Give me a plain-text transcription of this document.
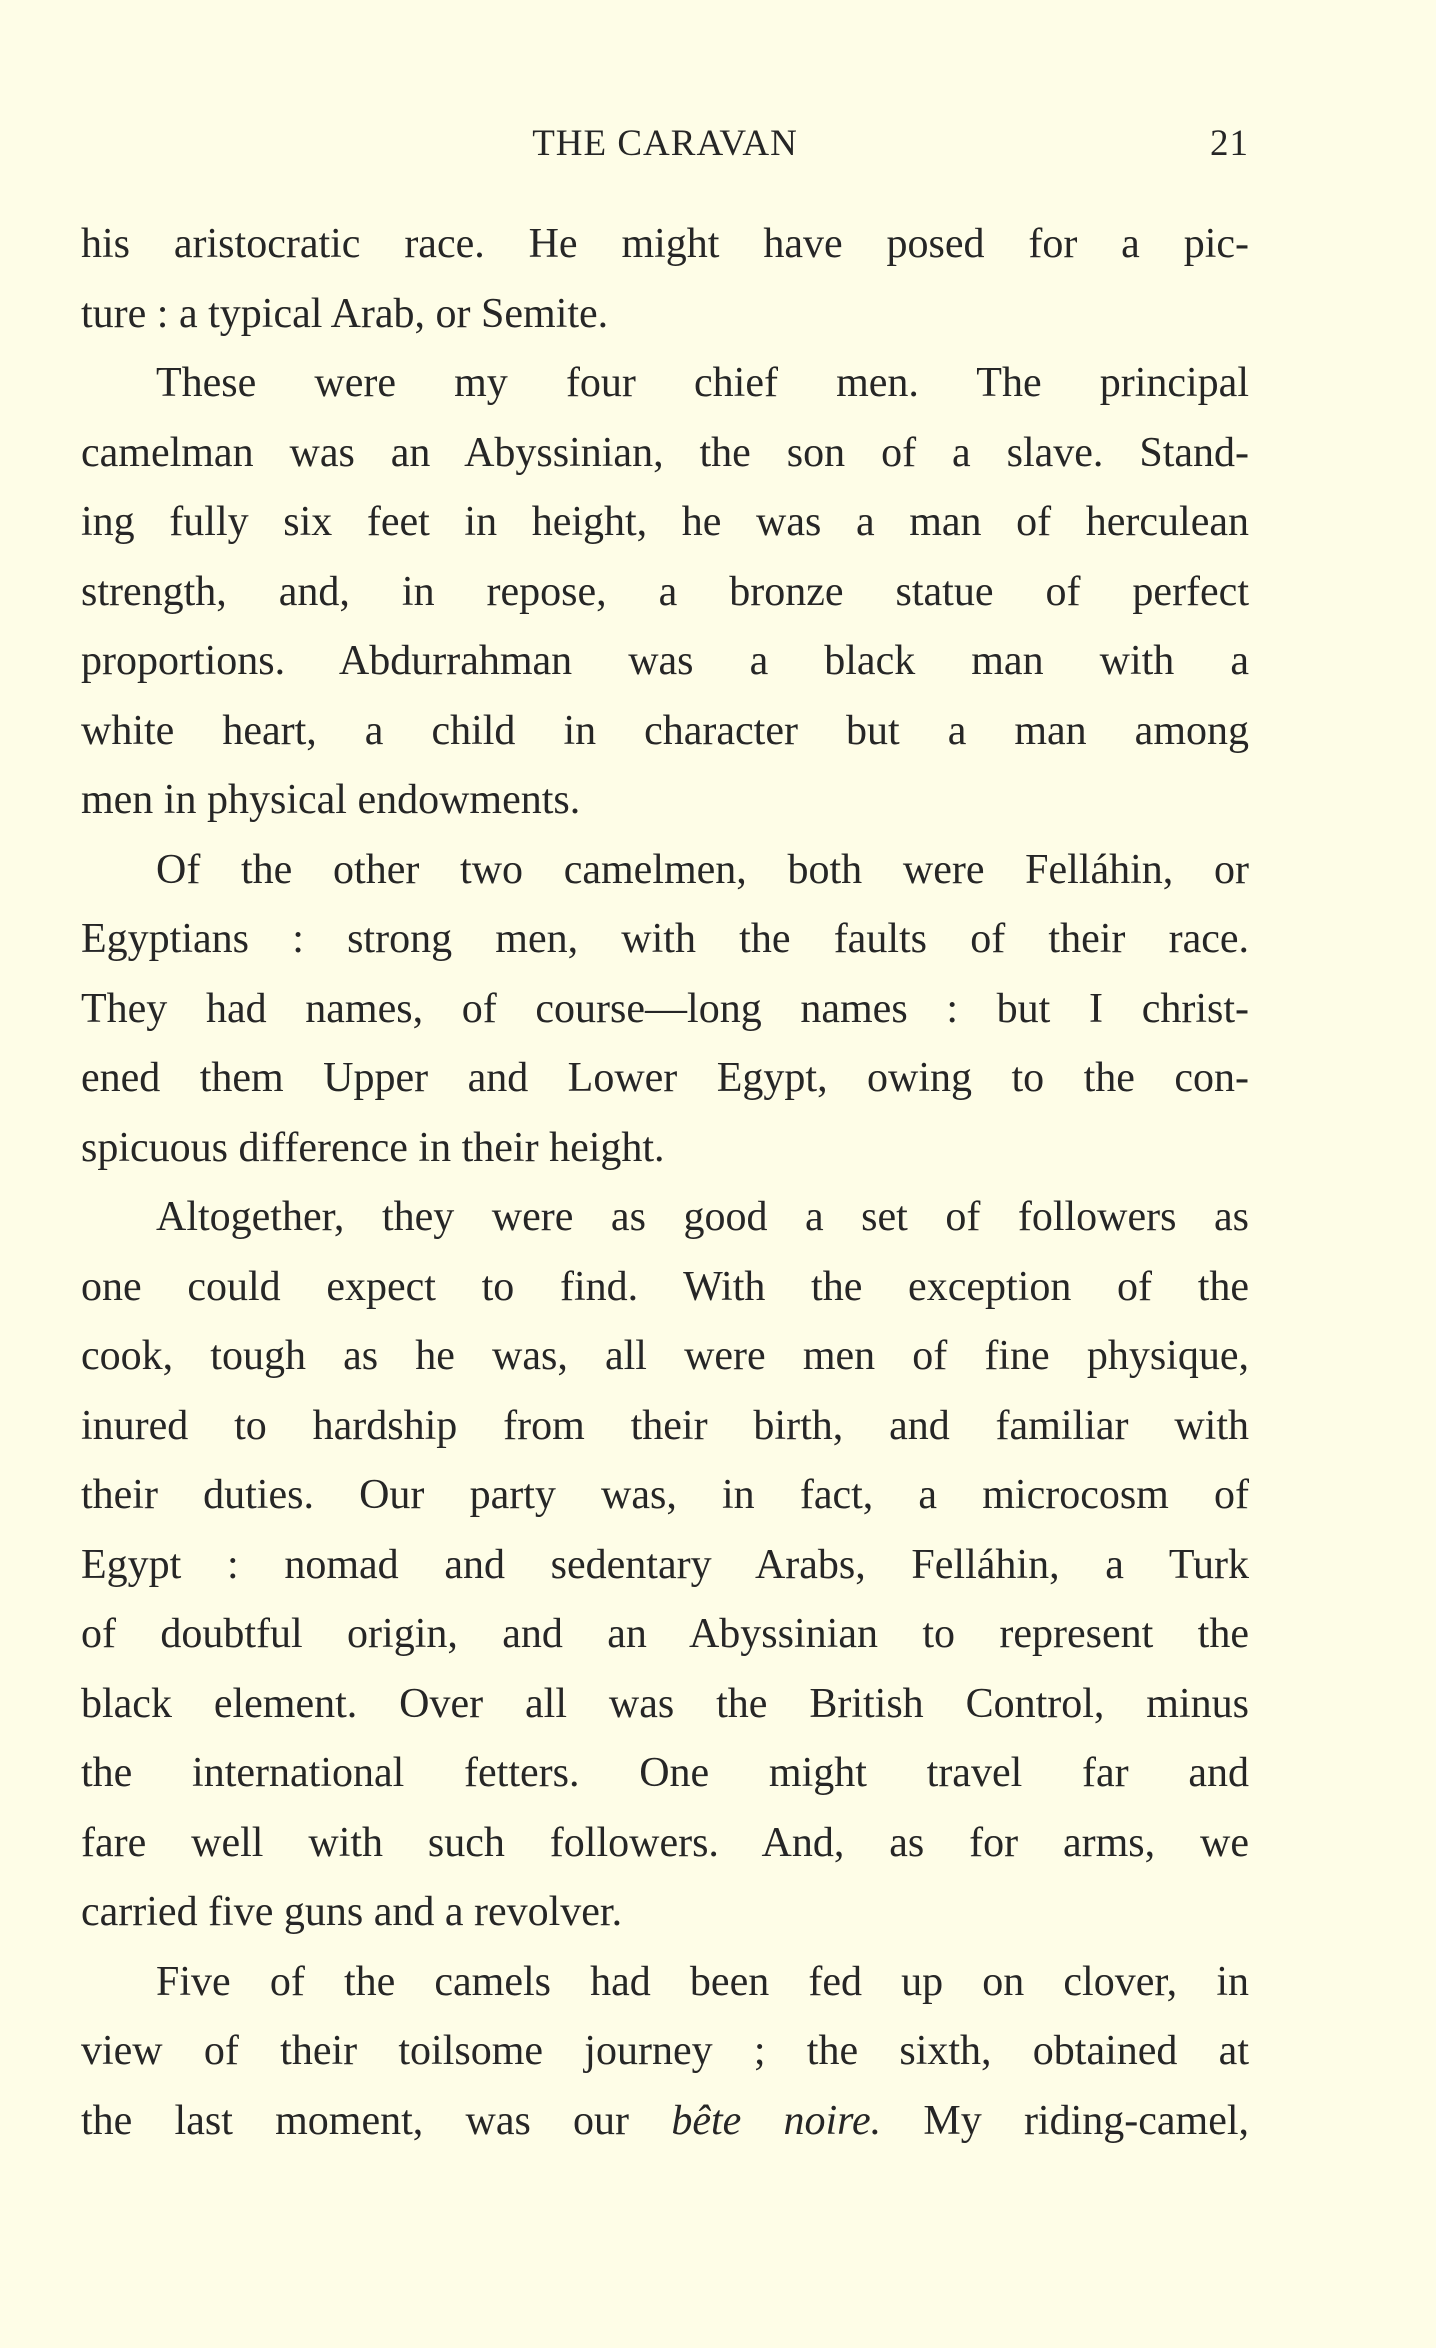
THE CARAVAN	21
his aristocratic race. He might have posed for a pic-
ture : a typical Arab, or Semite.
These were my four chief men. The principal
camelman was an Abyssinian, the son of a slave. Stand-
ing fully six feet in height, he was a man of herculean
strength, and, in repose, a bronze statue of perfect
proportions. Abdurrahman was a black man with a
white heart, a child in character but a man among
men in physical endowments.
Of the other two camelmen, both were Felláhin, or
Egyptians : strong men, with the faults of their race.
They had names, of course—long names : but I christ-
ened them Upper and Lower Egypt, owing to the con-
spicuous difference in their height.
Altogether, they were as good a set of followers as
one could expect to find. With the exception of the
cook, tough as he was, all were men of fine physique,
inured to hardship from their birth, and familiar with
their duties. Our party was, in fact, a microcosm of
Egypt : nomad and sedentary Arabs, Felláhin, a Turk
of doubtful origin, and an Abyssinian to represent the
black element. Over all was the British Control, minus
the international fetters. One might travel far and
fare well with such followers. And, as for arms, we
carried five guns and a revolver.
Five of the camels had been fed up on clover, in
view of their toilsome journey ; the sixth, obtained at
the last moment, was our bête noire. My riding-camel,
